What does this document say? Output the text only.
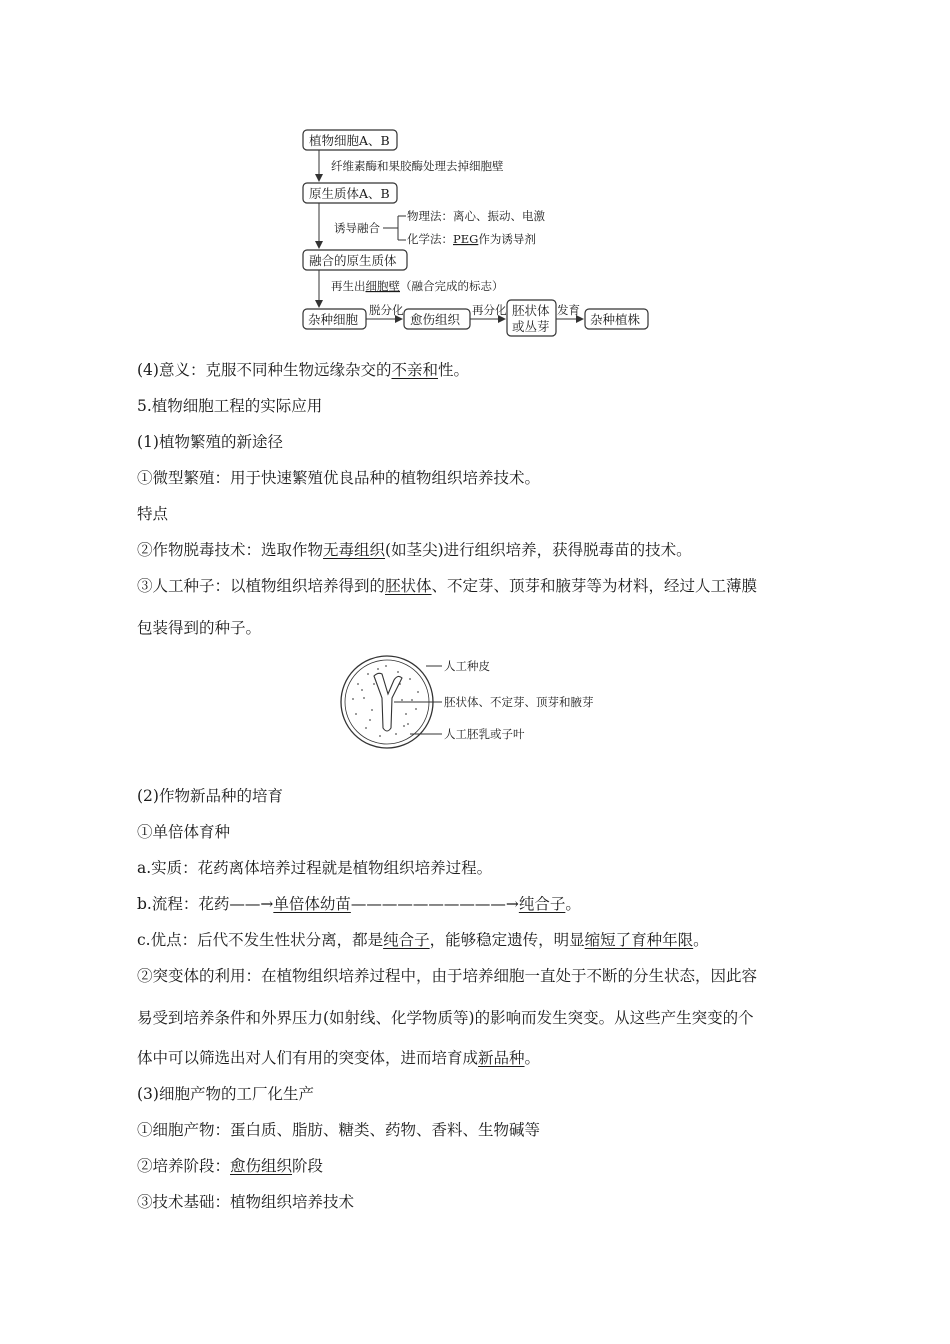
植物细胞A、B
纤维素酶和果胶酶处理去掉细胞壁
原生质体A、B
诱导融合
物理法：离心、振动、电激
化学法：PEG作为诱导剂
融合的原生质体
再生出细胞壁（融合完成的标志）
杂种细胞
脱分化
愈伤组织
再分化 胚状体
或丛芽
发育
杂种植株
(4)意义：克服不同种生物远缘杂交的不亲和性。
5.植物细胞工程的实际应用
(1)植物繁殖的新途径
①微型繁殖：用于快速繁殖优良品种的植物组织培养技术。
特点
②作物脱毒技术：选取作物无毒组织(如茎尖)进行组织培养，获得脱毒苗的技术。
③人工种子：以植物组织培养得到的胚状体、不定芽、顶芽和腋芽等为材料，经过人工薄膜
包装得到的种子。
人工种皮
胚状体、不定芽、顶芽和腋芽
人工胚乳或子叶
(2)作物新品种的培育
①单倍体育种
a.实质：花药离体培养过程就是植物组织培养过程。
b.流程：花药——→单倍体幼苗——————————→纯合子。
c.优点：后代不发生性状分离，都是纯合子，能够稳定遗传，明显缩短了育种年限。
②突变体的利用：在植物组织培养过程中，由于培养细胞一直处于不断的分生状态，因此容
易受到培养条件和外界压力(如射线、化学物质等)的影响而发生突变。从这些产生突变的个
体中可以筛选出对人们有用的突变体，进而培育成新品种。
(3)细胞产物的工厂化生产
①细胞产物：蛋白质、脂肪、糖类、药物、香料、生物碱等
②培养阶段：愈伤组织阶段
③技术基础：植物组织培养技术
